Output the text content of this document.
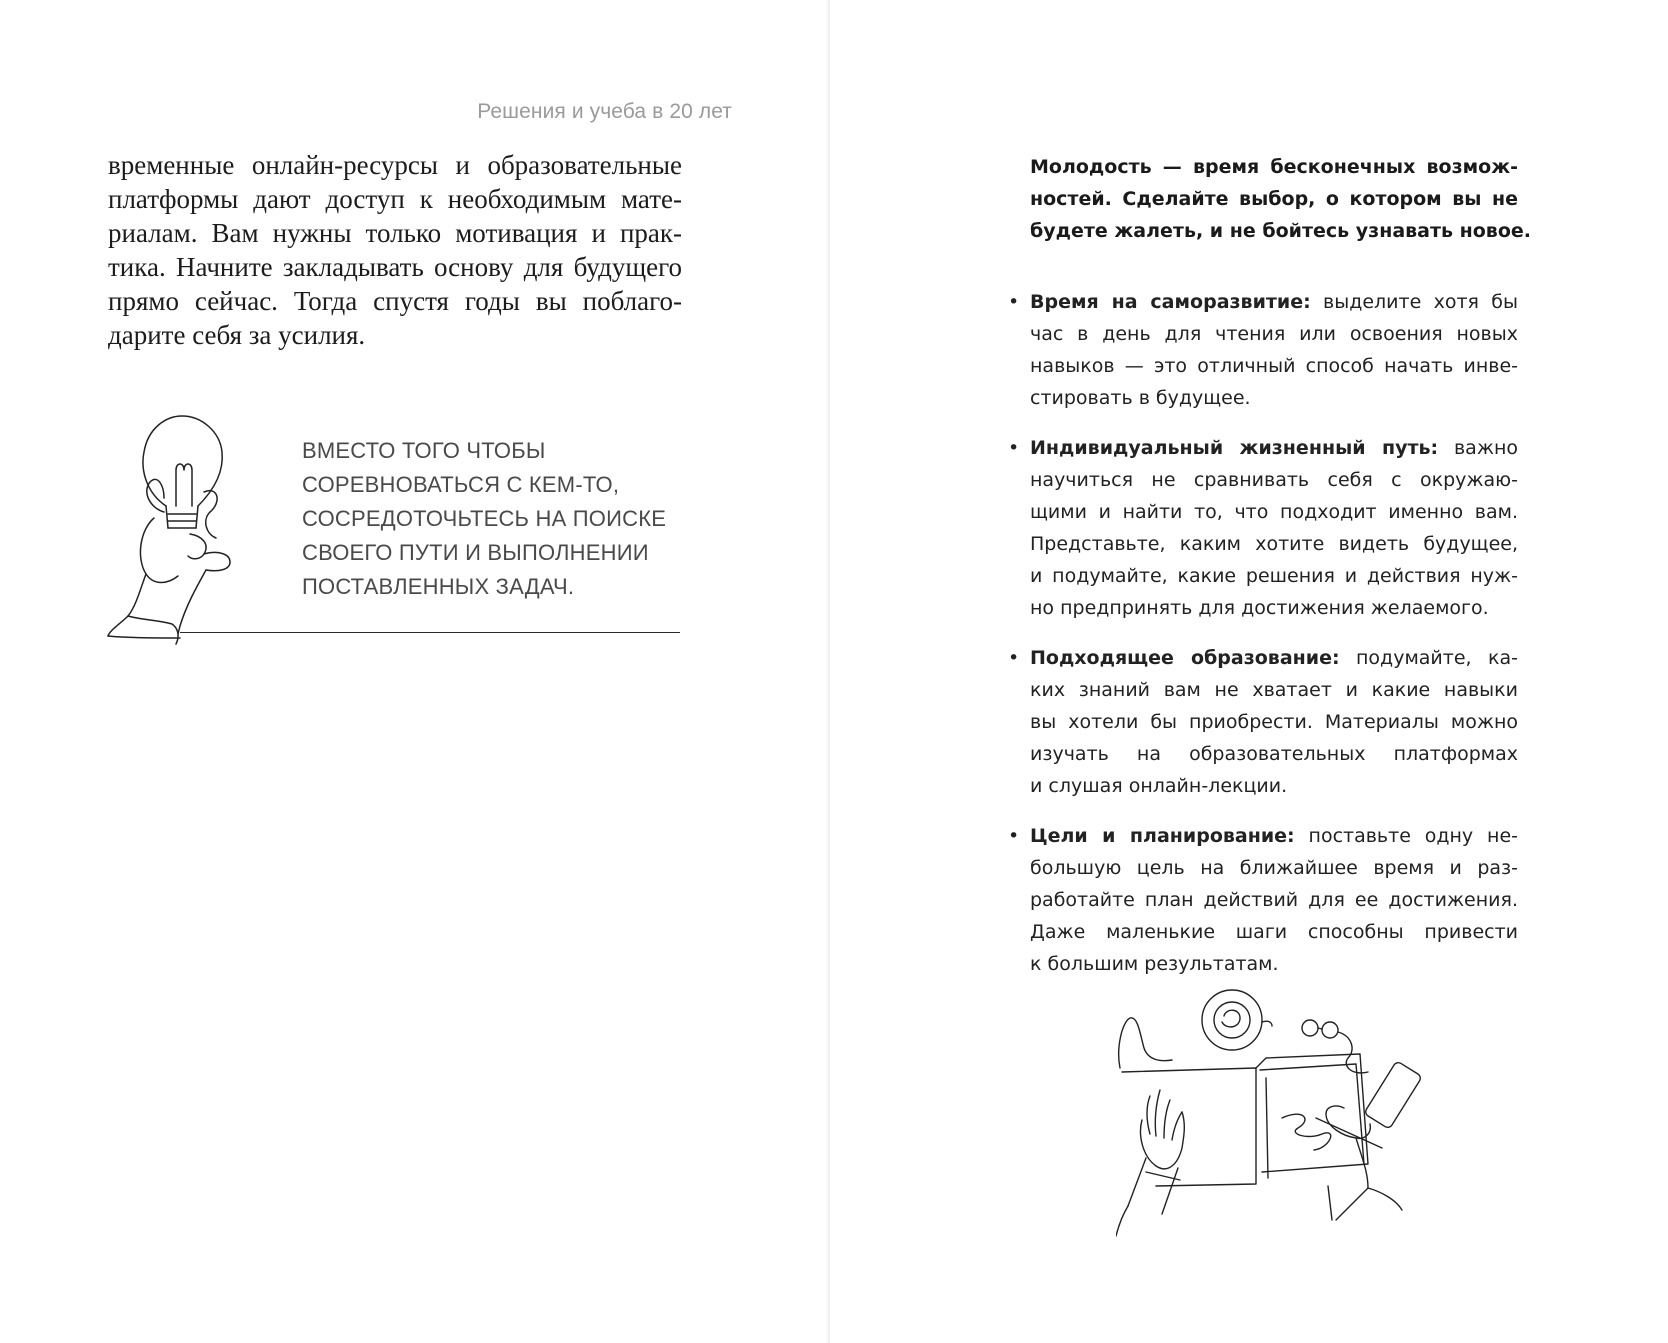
Решения и учеба в 20 лет

временные онлайн-ресурсы и образовательные
платформы дают доступ к необходимым мате-
риалам. Вам нужны только мотивация и прак-
тика. Начните закладывать основу для будущего
прямо сейчас. Тогда спустя годы вы поблаго-
дарите себя за усилия.

ВМЕСТО ТОГО ЧТОБЫ
СОРЕВНОВАТЬСЯ С КЕМ-ТО,
СОСРЕДОТОЧЬТЕСЬ НА ПОИСКЕ
СВОЕГО ПУТИ И ВЫПОЛНЕНИИ
ПОСТАВЛЕННЫХ ЗАДАЧ.

Молодость — время бесконечных возмож-
ностей. Сделайте выбор, о котором вы не
будете жалеть, и не бойтесь узнавать новое.

• Время на саморазвитие: выделите хотя бы
час в день для чтения или освоения новых
навыков — это отличный способ начать инве-
стировать в будущее.
• Индивидуальный жизненный путь: важно
научиться не сравнивать себя с окружаю-
щими и найти то, что подходит именно вам.
Представьте, каким хотите видеть будущее,
и подумайте, какие решения и действия нуж-
но предпринять для достижения желаемого.
• Подходящее образование: подумайте, ка-
ких знаний вам не хватает и какие навыки
вы хотели бы приобрести. Материалы можно
изучать на образовательных платформах
и слушая онлайн-лекции.
• Цели и планирование: поставьте одну не-
большую цель на ближайшее время и раз-
работайте план действий для ее достижения.
Даже маленькие шаги способны привести
к большим результатам.
